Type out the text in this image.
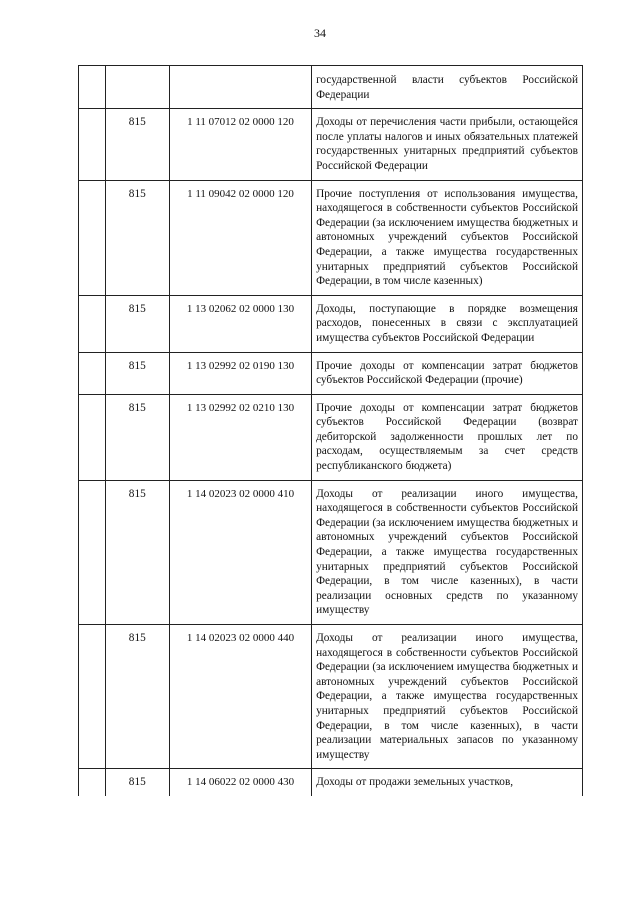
34
			государственной власти субъектов Российской Федерации
	815	1 11 07012 02 0000 120	Доходы от перечисления части прибыли, остающейся после уплаты налогов и иных обязательных платежей государственных унитарных предприятий субъектов Российской Федерации
	815	1 11 09042 02 0000 120	Прочие поступления от использования имущества, находящегося в собственности субъектов Российской Федерации (за исключением имущества бюджетных и автономных учреждений субъектов Российской Федерации, а также имущества государственных унитарных предприятий субъектов Российской Федерации, в том числе казенных)
	815	1 13 02062 02 0000 130	Доходы, поступающие в порядке возмещения расходов, понесенных в связи с эксплуатацией имущества субъектов Российской Федерации
	815	1 13 02992 02 0190 130	Прочие доходы от компенсации затрат бюджетов субъектов Российской Федерации (прочие)
	815	1 13 02992 02 0210 130	Прочие доходы от компенсации затрат бюджетов субъектов Российской Федерации (возврат дебиторской задолженности прошлых лет по расходам, осуществляемым за счет средств республиканского бюджета)
	815	1 14 02023 02 0000 410	Доходы от реализации иного имущества, находящегося в собственности субъектов Российской Федерации (за исключением имущества бюджетных и автономных учреждений субъектов Российской Федерации, а также имущества государственных унитарных предприятий субъектов Российской Федерации, в том числе казенных), в части реализации основных средств по указанному имуществу
	815	1 14 02023 02 0000 440	Доходы от реализации иного имущества, находящегося в собственности субъектов Российской Федерации (за исключением имущества бюджетных и автономных учреждений субъектов Российской Федерации, а также имущества государственных унитарных предприятий субъектов Российской Федерации, в том числе казенных), в части реализации материальных запасов по указанному имуществу
	815	1 14 06022 02 0000 430	Доходы от продажи земельных участков,
